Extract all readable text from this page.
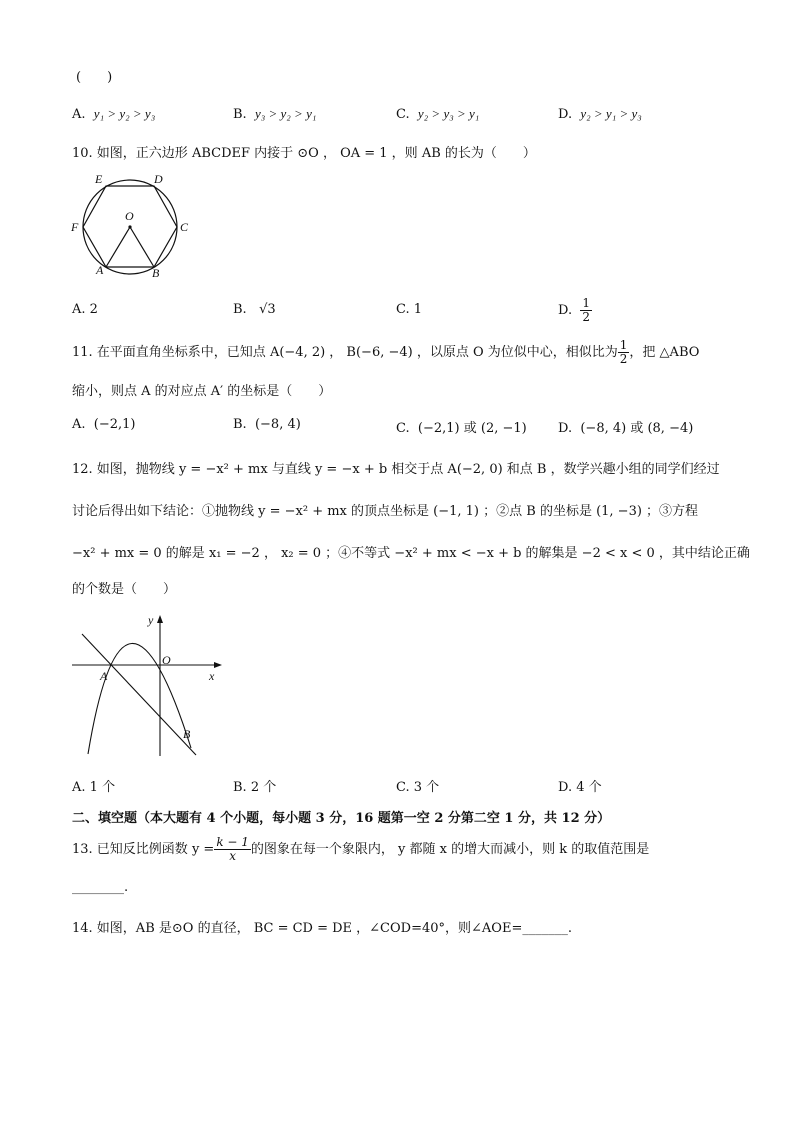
(　　)
A. y₁ > y₂ > y₃	B. y₃ > y₂ > y₁	C. y₂ > y₃ > y₁	D. y₂ > y₁ > y₃
10. 如图，正六边形 ABCDEF 内接于 ⊙O ， OA = 1 ，则 AB 的长为（　　）
E	D
F	C
O
A	B
A. 2	B. √3	C. 1	D. $\frac{1}{2}$
11. 在平面直角坐标系中，已知点 A(−4, 2) ， B(−6, −4) ，以原点 O 为位似中心，相似比为 $\frac{1}{2}$ ，把 △ABO
缩小，则点 A 的对应点 A′ 的坐标是（　　）
A. (−2,1)	B. (−8, 4)	C. (−2,1) 或 (2, −1) D. (−8, 4) 或 (8, −4)
12. 如图，抛物线 y = −x² + mx 与直线 y = −x + b 相交于点 A(−2, 0) 和点 B ，数学兴趣小组的同学们经过
讨论后得出如下结论：①抛物线 y = −x² + mx 的顶点坐标是 (−1, 1) ；②点 B 的坐标是 (1, −3) ；③方程
−x² + mx = 0 的解是 x₁ = −2 ， x₂ = 0 ；④不等式 −x² + mx < −x + b 的解集是 −2 < x < 0 ，其中结论正确
的个数是（　　）
y
O
A	x
B
A. 1 个	B. 2 个	C. 3 个	D. 4 个
二、填空题（本大题有 4 个小题，每小题 3 分，16 题第一空 2 分第二空 1 分，共 12 分）
13. 已知反比例函数 $y = \frac{k - 1}{x}$ 的图象在每一个象限内， y 都随 x 的增大而减小，则 k 的取值范围是
________.
14. 如图，AB 是⊙O 的直径， BC = CD = DE ，∠COD=40°，则∠AOE=_______.
